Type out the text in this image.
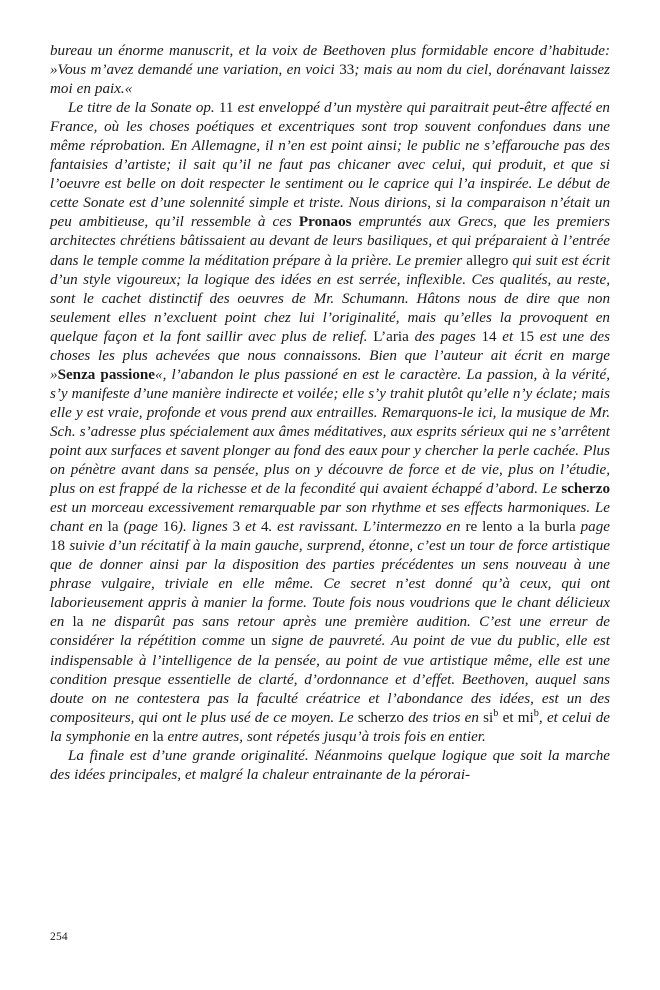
bureau un énorme manuscrit, et la voix de Beethoven plus formidable encore d’habitude: »Vous m’avez demandé une variation, en voici 33; mais au nom du ciel, dorénavant laissez moi en paix.«

Le titre de la Sonate op. 11 est enveloppé d’un mystère qui paraitrait peut-être affecté en France, où les choses poétiques et excentriques sont trop souvent confondues dans une même réprobation. En Allemagne, il n’en est point ainsi; le public ne s’effarouche pas des fantaisies d’artiste; il sait qu’il ne faut pas chicaner avec celui, qui produit, et que si l’oeuvre est belle on doit respecter le sentiment ou le caprice qui l’a inspirée. Le début de cette Sonate est d’une solennité simple et triste. Nous dirions, si la comparaison n’était un peu ambitieuse, qu’il ressemble à ces Pronaos empruntés aux Grecs, que les premiers architectes chrétiens bâtissaient au devant de leurs basiliques, et qui préparaient à l’entrée dans le temple comme la méditation prépare à la prière. Le premier allegro qui suit est écrit d’un style vigoureux; la logique des idées en est serrée, inflexible. Ces qualités, au reste, sont le cachet distinctif des oeuvres de Mr. Schumann. Hâtons nous de dire que non seulement elles n’excluent point chez lui l’originalité, mais qu’elles la provoquent en quelque façon et la font saillir avec plus de relief. L’aria des pages 14 et 15 est une des choses les plus achevées que nous connaissons. Bien que l’auteur ait écrit en marge »Senza passione«, l’abandon le plus passioné en est le caractère. La passion, à la vérité, s’y manifeste d’une manière indirecte et voilée; elle s’y trahit plutôt qu’elle n’y éclate; mais elle y est vraie, profonde et vous prend aux entrailles. Remarquons-le ici, la musique de Mr. Sch. s’adresse plus spécialement aux âmes méditatives, aux esprits sérieux qui ne s’arrêtent point aux surfaces et savent plonger au fond des eaux pour y chercher la perle cachée. Plus on pénètre avant dans sa pensée, plus on y découvre de force et de vie, plus on l’étudie, plus on est frappé de la richesse et de la fecondité qui avaient échappé d’abord. Le scherzo est un morceau excessivement remarquable par son rhythme et ses effects harmoniques. Le chant en la (page 16). lignes 3 et 4. est ravissant. L’intermezzo en re lento a la burla page 18 suivie d’un récitatif à la main gauche, surprend, étonne, c’est un tour de force artistique que de donner ainsi par la disposition des parties précédentes un sens nouveau à une phrase vulgaire, triviale en elle même. Ce secret n’est donné qu’à ceux, qui ont laborieusement appris à manier la forme. Toute fois nous voudrions que le chant délicieux en la ne disparût pas sans retour après une première audition. C’est une erreur de considérer la répétition comme un signe de pauvreté. Au point de vue du public, elle est indispensable à l’intelligence de la pensée, au point de vue artistique même, elle est une condition presque essentielle de clarté, d’ordonnance et d’effet. Beethoven, auquel sans doute on ne contestera pas la faculté créatrice et l’abondance des idées, est un des compositeurs, qui ont le plus usé de ce moyen. Le scherzo des trios en $si^b$ et $mi^b$, et celui de la symphonie en la entre autres, sont répetés jusqu’à trois fois en entier.

La finale est d’une grande originalité. Néanmoins quelque logique que soit la marche des idées principales, et malgré la chaleur entrainante de la pérorai-

254
